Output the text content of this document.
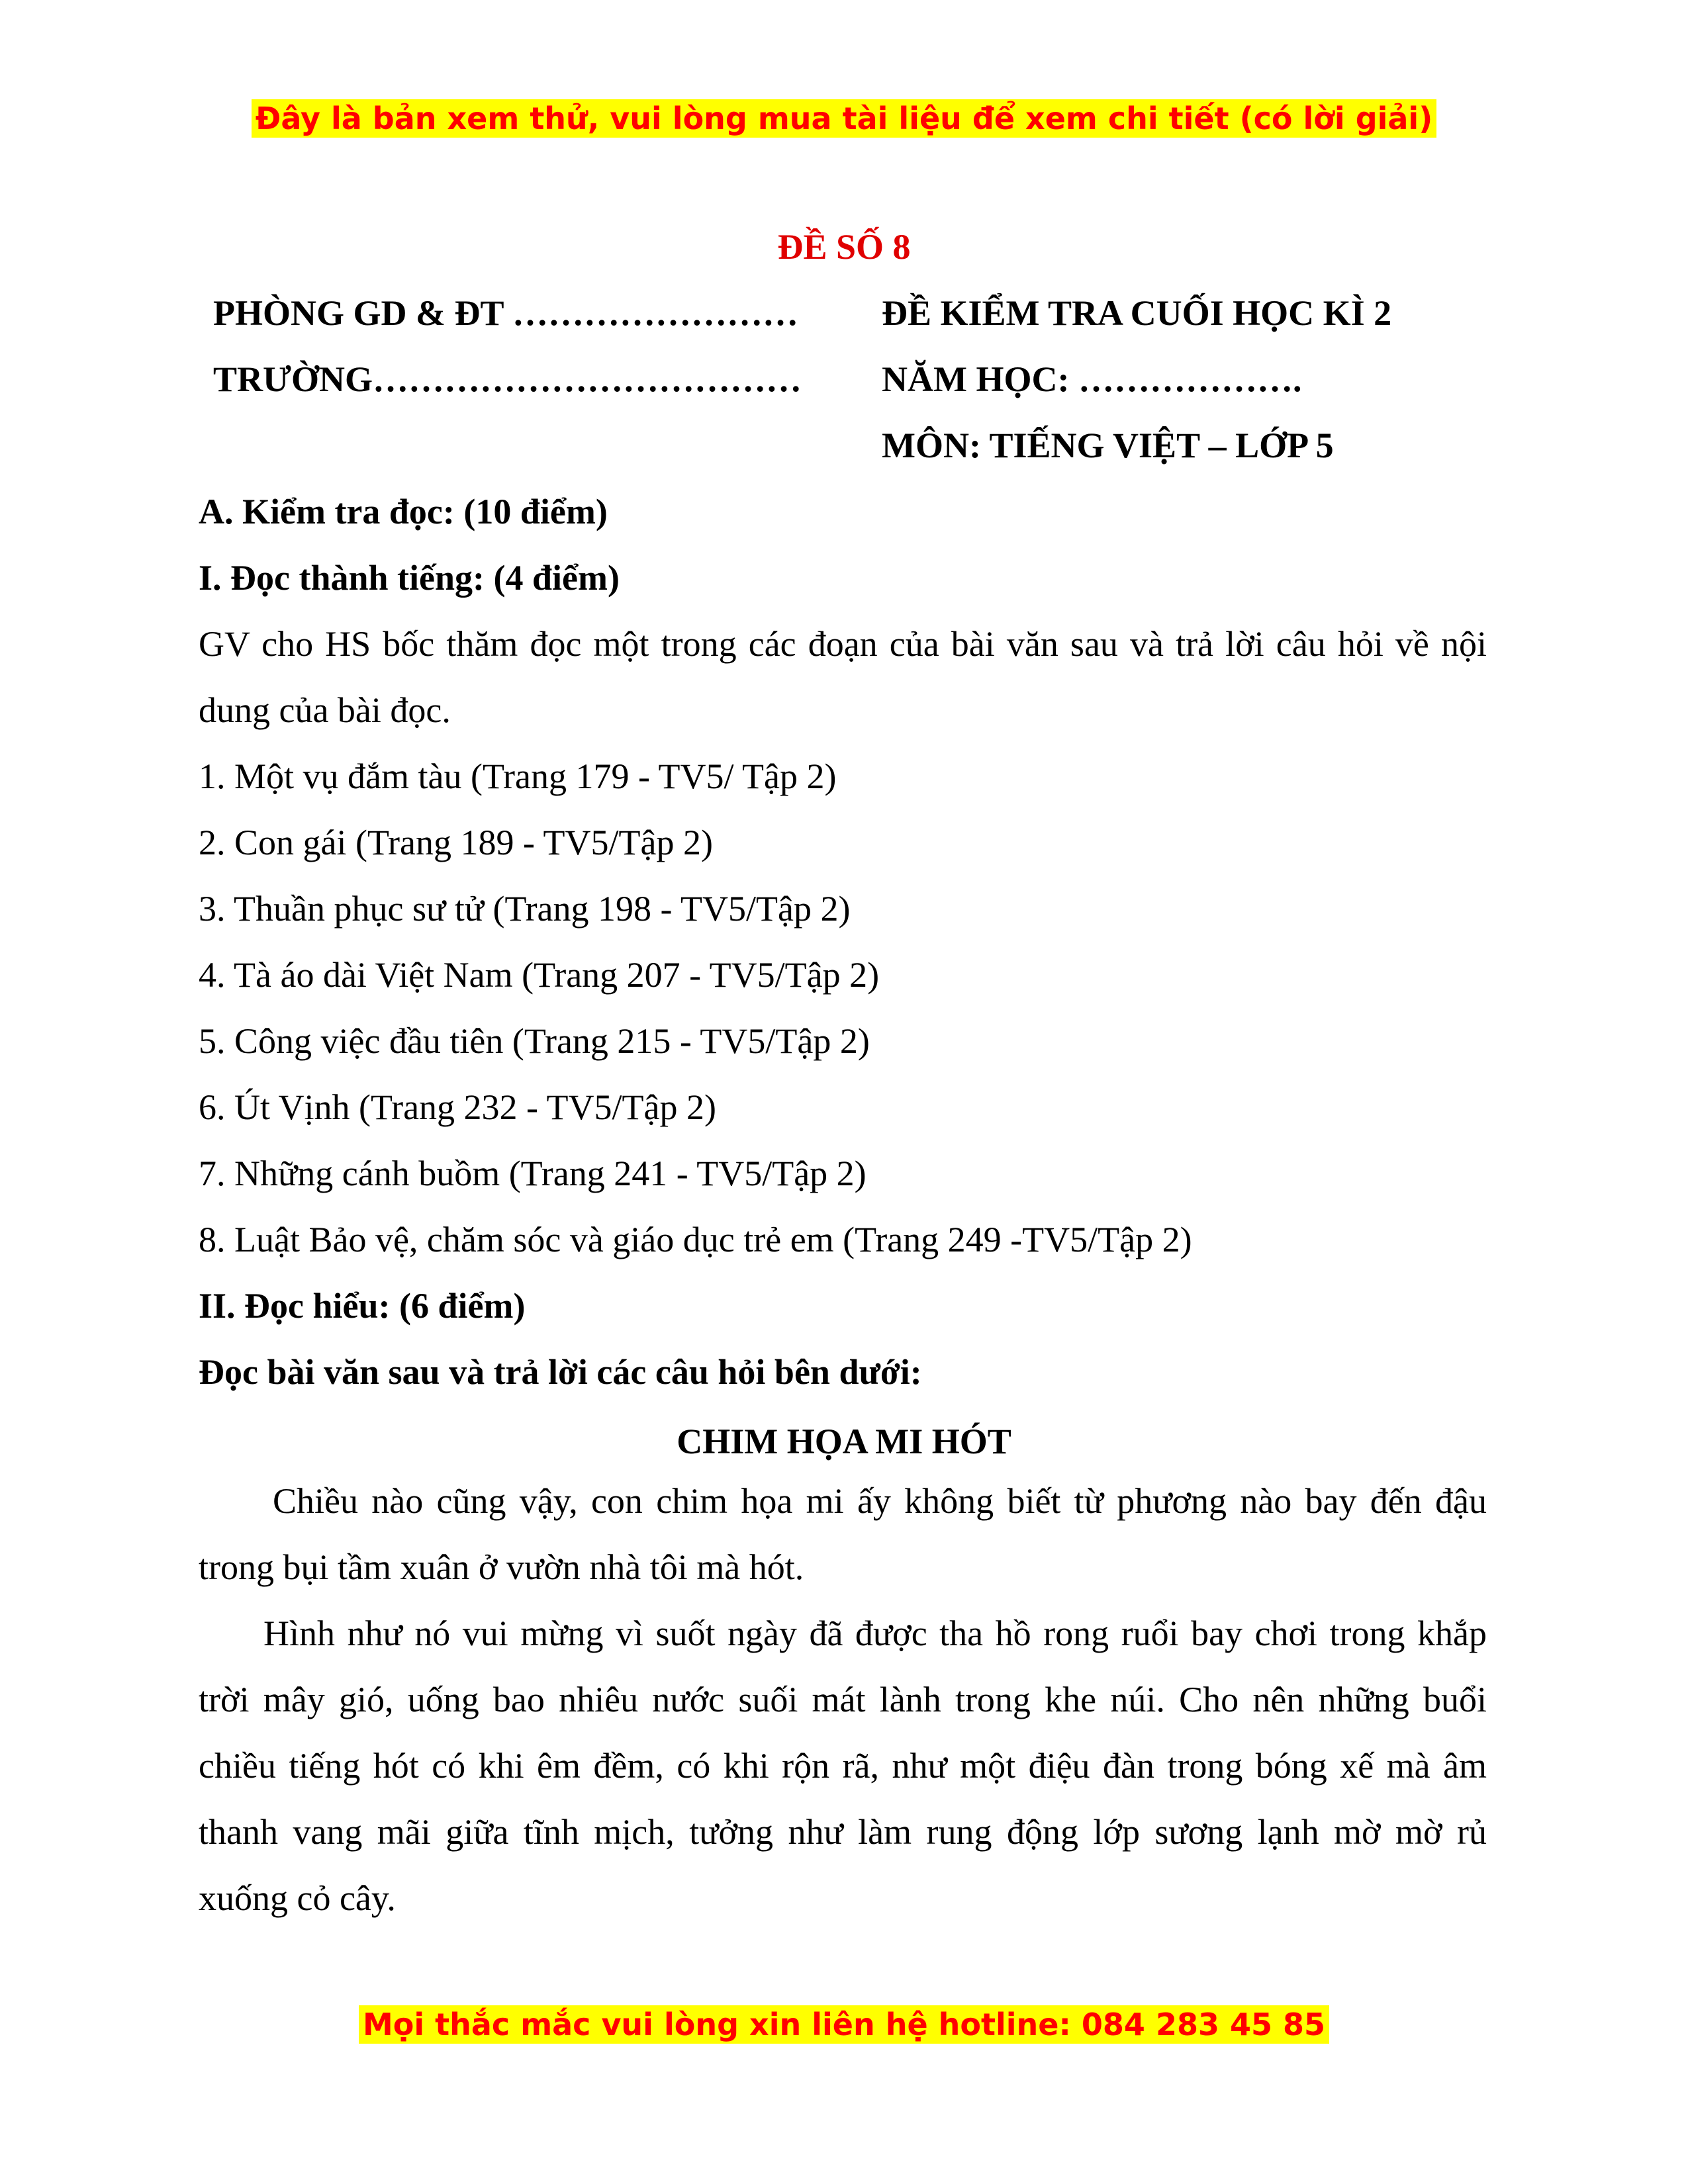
Đây là bản xem thử, vui lòng mua tài liệu để xem chi tiết (có lời giải)
ĐỀ SỐ 8
PHÒNG GD & ĐT ……………………
TRƯỜNG………………………………
ĐỀ KIỂM TRA CUỐI HỌC KÌ 2
NĂM HỌC: ……………….
MÔN: TIẾNG VIỆT – LỚP 5
A. Kiểm tra đọc: (10 điểm)
I. Đọc thành tiếng: (4 điểm)
GV cho HS bốc thăm đọc một trong các đoạn của bài văn sau và trả lời câu hỏi về nội dung của bài đọc.
1. Một vụ đắm tàu (Trang 179 - TV5/ Tập 2)
2. Con gái (Trang 189 - TV5/Tập 2)
3. Thuần phục sư tử (Trang 198 - TV5/Tập 2)
4. Tà áo dài Việt Nam (Trang 207 - TV5/Tập 2)
5. Công việc đầu tiên (Trang 215 - TV5/Tập 2)
6. Út Vịnh (Trang 232 - TV5/Tập 2)
7. Những cánh buồm (Trang 241 - TV5/Tập 2)
8. Luật Bảo vệ, chăm sóc và giáo dục trẻ em (Trang 249 -TV5/Tập 2)
II. Đọc hiểu: (6 điểm)
Đọc bài văn sau và trả lời các câu hỏi bên dưới:
CHIM HỌA MI HÓT
Chiều nào cũng vậy, con chim họa mi ấy không biết từ phương nào bay đến đậu trong bụi tầm xuân ở vườn nhà tôi mà hót.
Hình như nó vui mừng vì suốt ngày đã được tha hồ rong ruổi bay chơi trong khắp trời mây gió, uống bao nhiêu nước suối mát lành trong khe núi. Cho nên những buổi chiều tiếng hót có khi êm đềm, có khi rộn rã, như một điệu đàn trong bóng xế mà âm thanh vang mãi giữa tĩnh mịch, tưởng như làm rung động lớp sương lạnh mờ mờ rủ xuống cỏ cây.
Mọi thắc mắc vui lòng xin liên hệ hotline: 084 283 45 85
